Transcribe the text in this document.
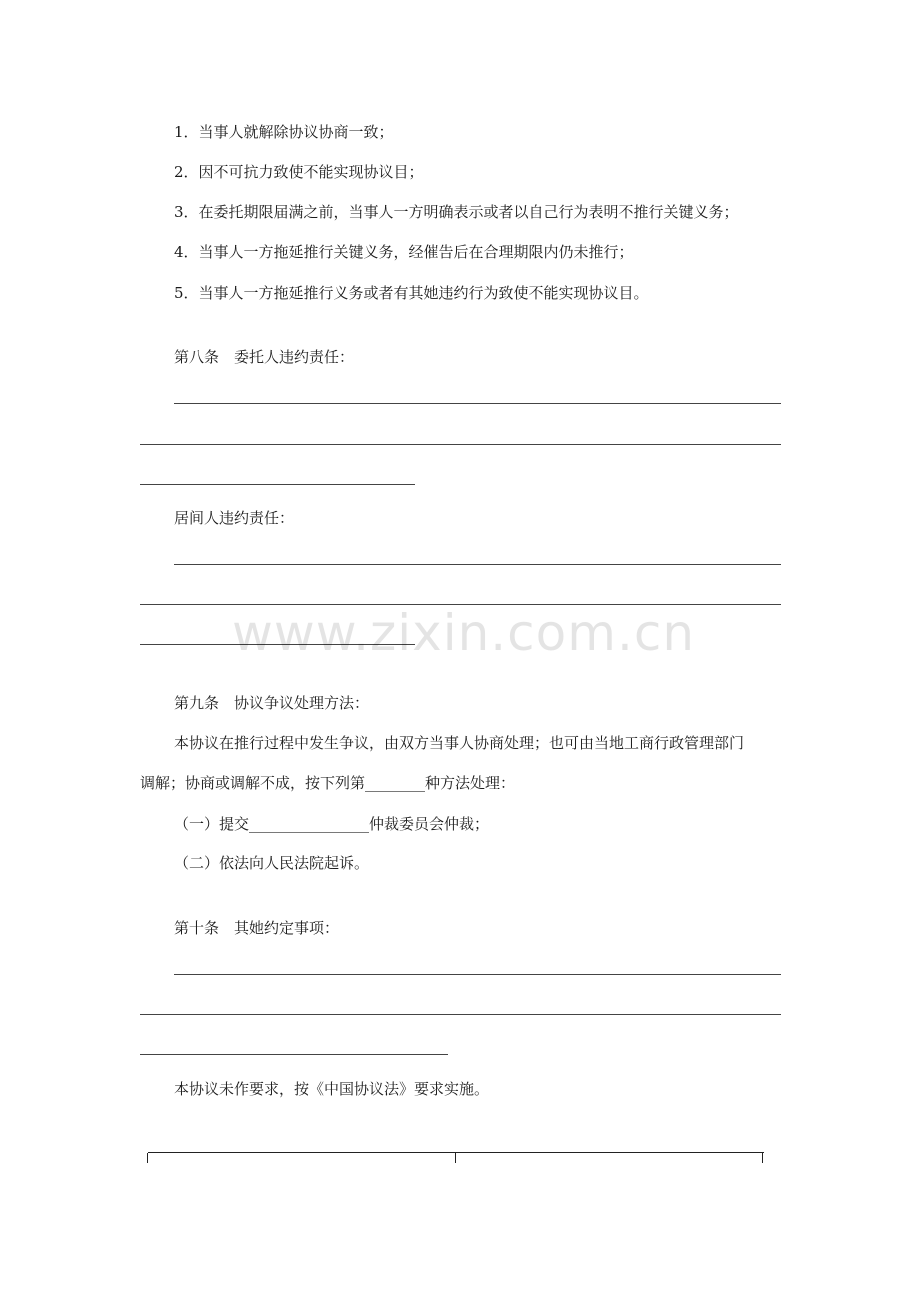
1．当事人就解除协议协商一致；
2．因不可抗力致使不能实现协议目；
3．在委托期限届满之前，当事人一方明确表示或者以自己行为表明不推行关键义务；
4．当事人一方拖延推行关键义务，经催告后在合理期限内仍未推行；
5．当事人一方拖延推行义务或者有其她违约行为致使不能实现协议目。
第八条　委托人违约责任：
居间人违约责任：
第九条　协议争议处理方法：
本协议在推行过程中发生争议，由双方当事人协商处理；也可由当地工商行政管理部门
调解；协商或调解不成，按下列第________种方法处理：
（一）提交________________仲裁委员会仲裁；
（二）依法向人民法院起诉。
第十条　其她约定事项：
本协议未作要求，按《中国协议法》要求实施。
www.zixin.com.cn
